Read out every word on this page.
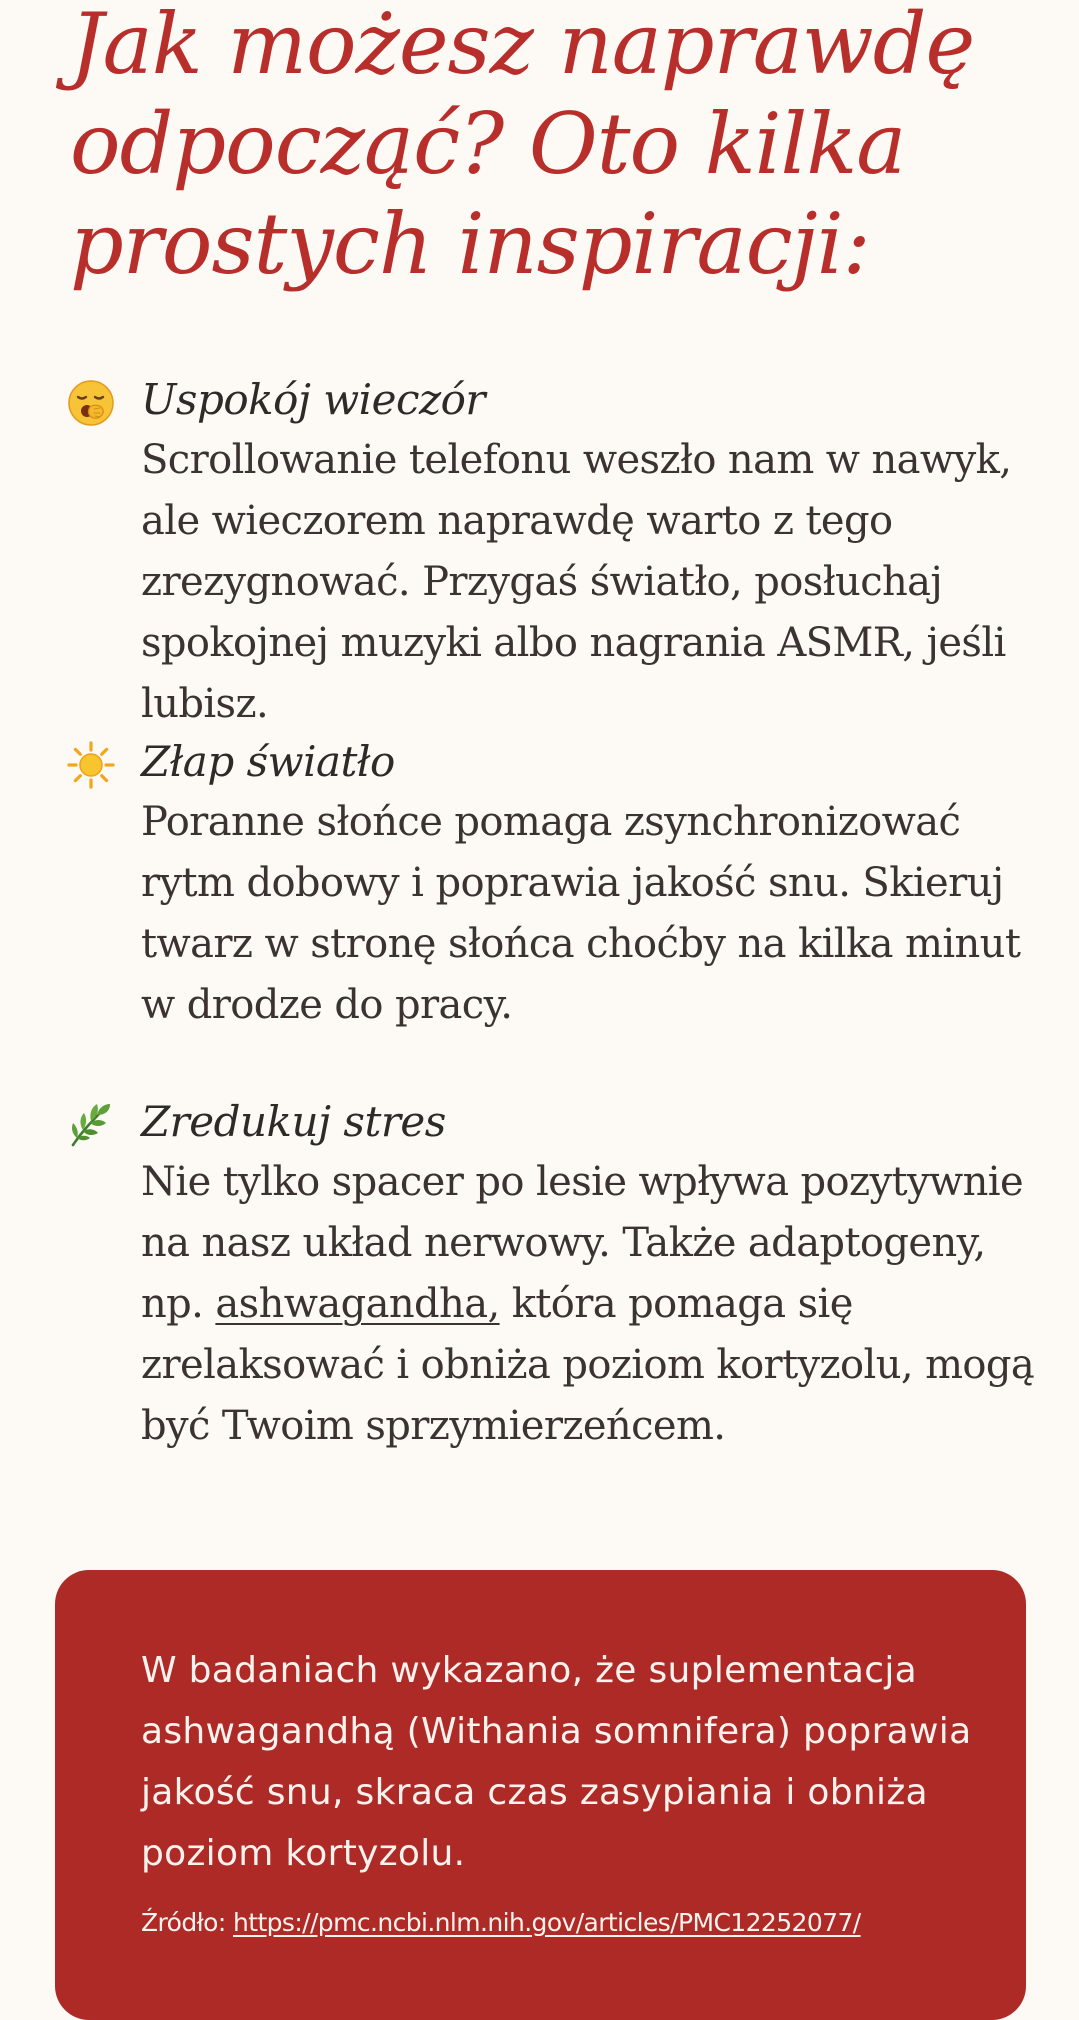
Jak możesz naprawdę odpocząć? Oto kilka prostych inspiracji:
Uspokój wieczór
Scrollowanie telefonu weszło nam w nawyk, ale wieczorem naprawdę warto z tego zrezygnować. Przygaś światło, posłuchaj spokojnej muzyki albo nagrania ASMR, jeśli lubisz.
Złap światło
Poranne słońce pomaga zsynchronizować rytm dobowy i poprawia jakość snu. Skieruj twarz w stronę słońca choćby na kilka minut w drodze do pracy.
Zredukuj stres
Nie tylko spacer po lesie wpływa pozytywnie na nasz układ nerwowy. Także adaptogeny, np. ashwagandha, która pomaga się zrelaksować i obniża poziom kortyzolu, mogą być Twoim sprzymierzeńcem.

W badaniach wykazano, że suplementacja ashwagandhą (Withania somnifera) poprawia jakość snu, skraca czas zasypiania i obniża poziom kortyzolu.

Źródło: https://pmc.ncbi.nlm.nih.gov/articles/PMC12252077/
